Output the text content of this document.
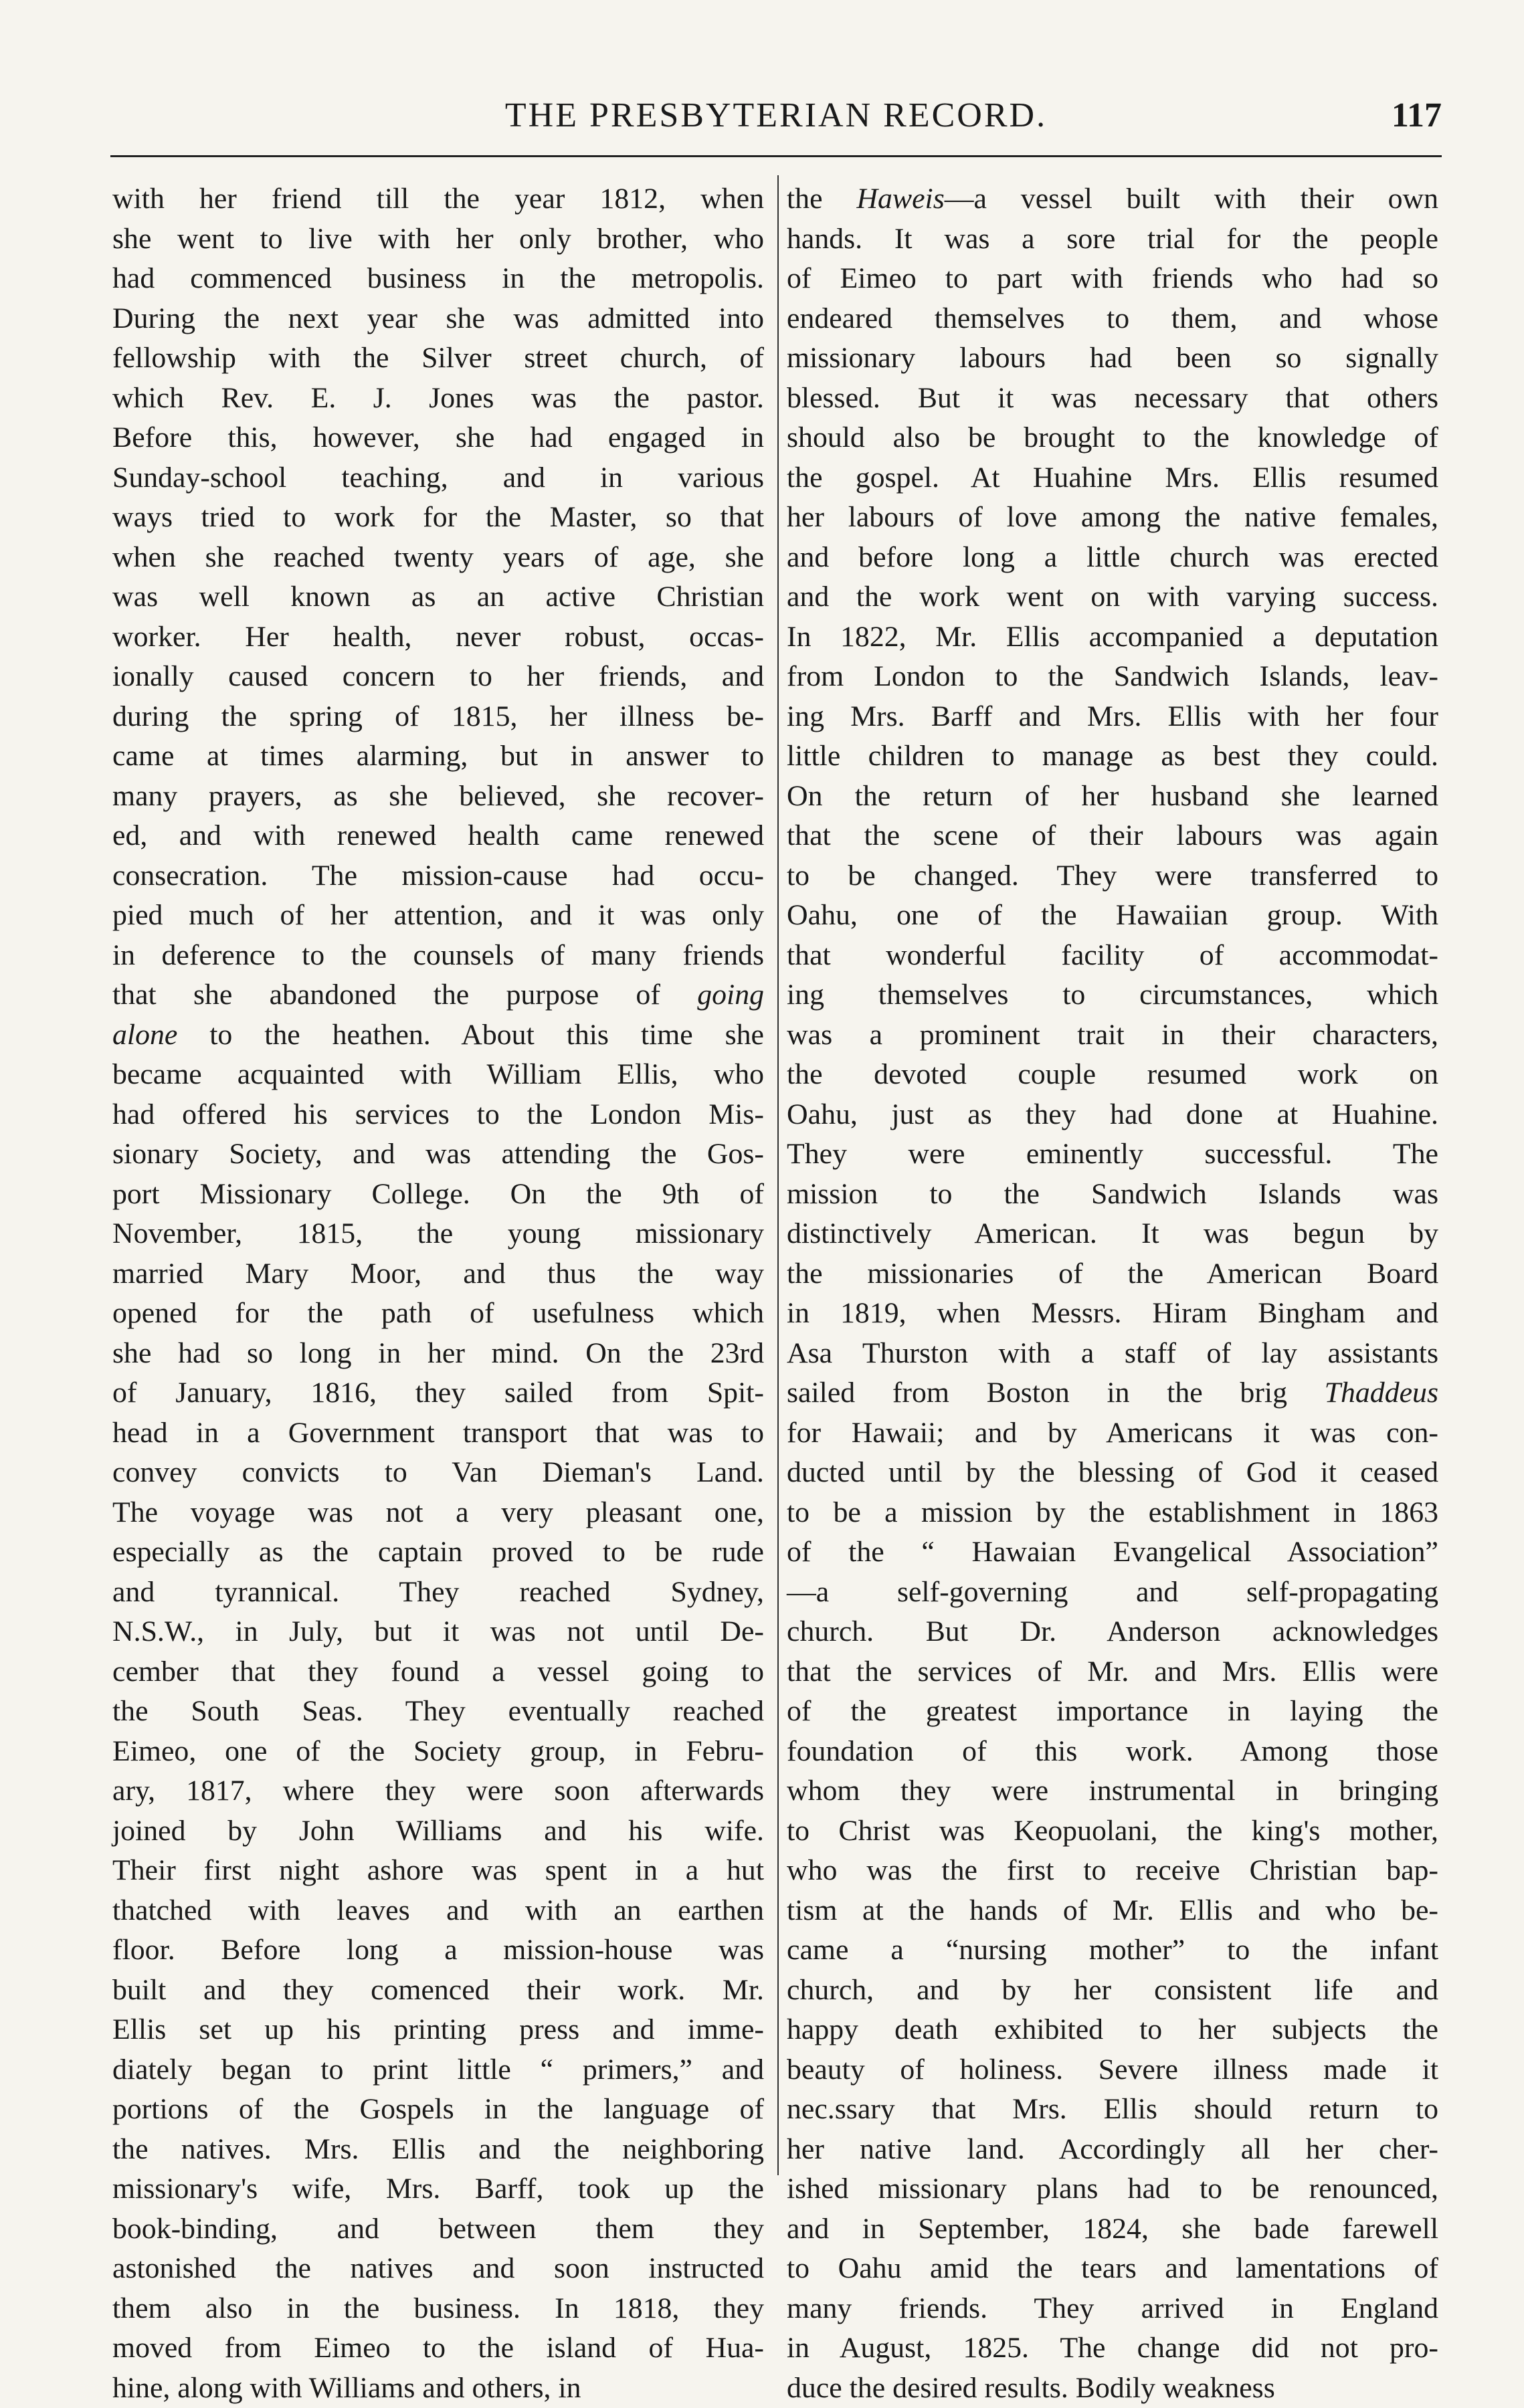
THE PRESBYTERIAN RECORD.	117
with her friend till the year 1812, when
she went to live with her only brother, who
had commenced business in the metropolis.
During the next year she was admitted into
fellowship with the Silver street church, of
which Rev. E. J. Jones was the pastor.
Before this, however, she had engaged in
Sunday-school teaching, and in various
ways tried to work for the Master, so that
when she reached twenty years of age, she
was well known as an active Christian
worker. Her health, never robust, occas-
ionally caused concern to her friends, and
during the spring of 1815, her illness be-
came at times alarming, but in answer to
many prayers, as she believed, she recover-
ed, and with renewed health came renewed
consecration. The mission-cause had occu-
pied much of her attention, and it was only
in deference to the counsels of many friends
that she abandoned the purpose of going
alone to the heathen. About this time she
became acquainted with William Ellis, who
had offered his services to the London Mis-
sionary Society, and was attending the Gos-
port Missionary College. On the 9th of
November, 1815, the young missionary
married Mary Moor, and thus the way
opened for the path of usefulness which
she had so long in her mind. On the 23rd
of January, 1816, they sailed from Spit-
head in a Government transport that was to
convey convicts to Van Dieman's Land.
The voyage was not a very pleasant one,
especially as the captain proved to be rude
and tyrannical. They reached Sydney,
N.S.W., in July, but it was not until De-
cember that they found a vessel going to
the South Seas. They eventually reached
Eimeo, one of the Society group, in Febru-
ary, 1817, where they were soon afterwards
joined by John Williams and his wife.
Their first night ashore was spent in a hut
thatched with leaves and with an earthen
floor. Before long a mission-house was
built and they comenced their work. Mr.
Ellis set up his printing press and imme-
diately began to print little “ primers,” and
portions of the Gospels in the language of
the natives. Mrs. Ellis and the neighboring
missionary's wife, Mrs. Barff, took up the
book-binding, and between them they
astonished the natives and soon instructed
them also in the business. In 1818, they
moved from Eimeo to the island of Hua-
hine, along with Williams and others, in
the Haweis—a vessel built with their own
hands. It was a sore trial for the people
of Eimeo to part with friends who had so
endeared themselves to them, and whose
missionary labours had been so signally
blessed. But it was necessary that others
should also be brought to the knowledge of
the gospel. At Huahine Mrs. Ellis resumed
her labours of love among the native females,
and before long a little church was erected
and the work went on with varying success.
In 1822, Mr. Ellis accompanied a deputation
from London to the Sandwich Islands, leav-
ing Mrs. Barff and Mrs. Ellis with her four
little children to manage as best they could.
On the return of her husband she learned
that the scene of their labours was again
to be changed. They were transferred to
Oahu, one of the Hawaiian group. With
that wonderful facility of accommodat-
ing themselves to circumstances, which
was a prominent trait in their characters,
the devoted couple resumed work on
Oahu, just as they had done at Huahine.
They were eminently successful. The
mission to the Sandwich Islands was
distinctively American. It was begun by
the missionaries of the American Board
in 1819, when Messrs. Hiram Bingham and
Asa Thurston with a staff of lay assistants
sailed from Boston in the brig Thaddeus
for Hawaii; and by Americans it was con-
ducted until by the blessing of God it ceased
to be a mission by the establishment in 1863
of the “ Hawaian Evangelical Association”
—a self-governing and self-propagating
church. But Dr. Anderson acknowledges
that the services of Mr. and Mrs. Ellis were
of the greatest importance in laying the
foundation of this work. Among those
whom they were instrumental in bringing
to Christ was Keopuolani, the king's mother,
who was the first to receive Christian bap-
tism at the hands of Mr. Ellis and who be-
came a “nursing mother” to the infant
church, and by her consistent life and
happy death exhibited to her subjects the
beauty of holiness. Severe illness made it
nec.ssary that Mrs. Ellis should return to
her native land. Accordingly all her cher-
ished missionary plans had to be renounced,
and in September, 1824, she bade farewell
to Oahu amid the tears and lamentations of
many friends. They arrived in England
in August, 1825. The change did not pro-
duce the desired results. Bodily weakness
